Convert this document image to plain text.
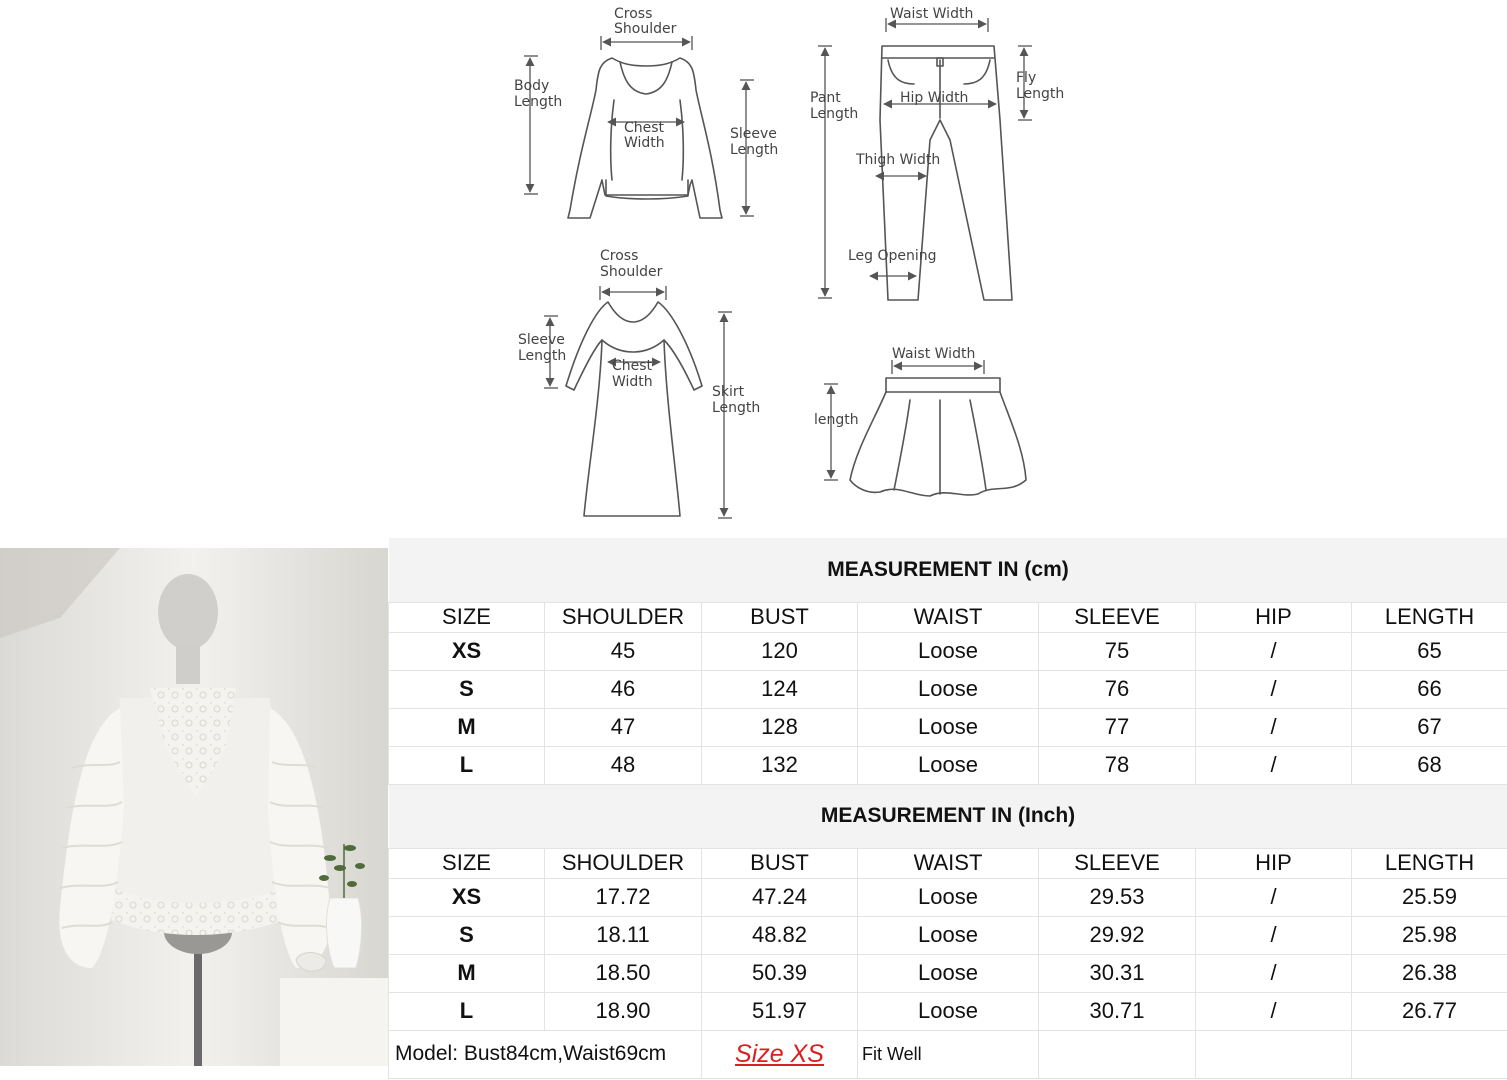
Cross
Shoulder
Body
Length
Chest
Width
Sleeve
Length
Waist Width
Pant
Length
Fly
Length
Hip Width
Thigh Width
Leg Opening
Cross
Shoulder
Sleeve
Length
Chest
Width
Skirt
Length
Waist Width
length
MEASUREMENT IN (cm)						
SIZE	SHOULDER	BUST	WAIST	SLEEVE	HIP	LENGTH
XS	45	120	Loose	75	/	65
S	46	124	Loose	76	/	66
M	47	128	Loose	77	/	67
L	48	132	Loose	78	/	68
MEASUREMENT IN (Inch)						
SIZE	SHOULDER	BUST	WAIST	SLEEVE	HIP	LENGTH
XS	17.72	47.24	Loose	29.53	/	25.59
S	18.11	48.82	Loose	29.92	/	25.98
M	18.50	50.39	Loose	30.31	/	26.38
L	18.90	51.97	Loose	30.71	/	26.77
Model: Bust84cm,Waist69cm		Size XS	Fit Well			
